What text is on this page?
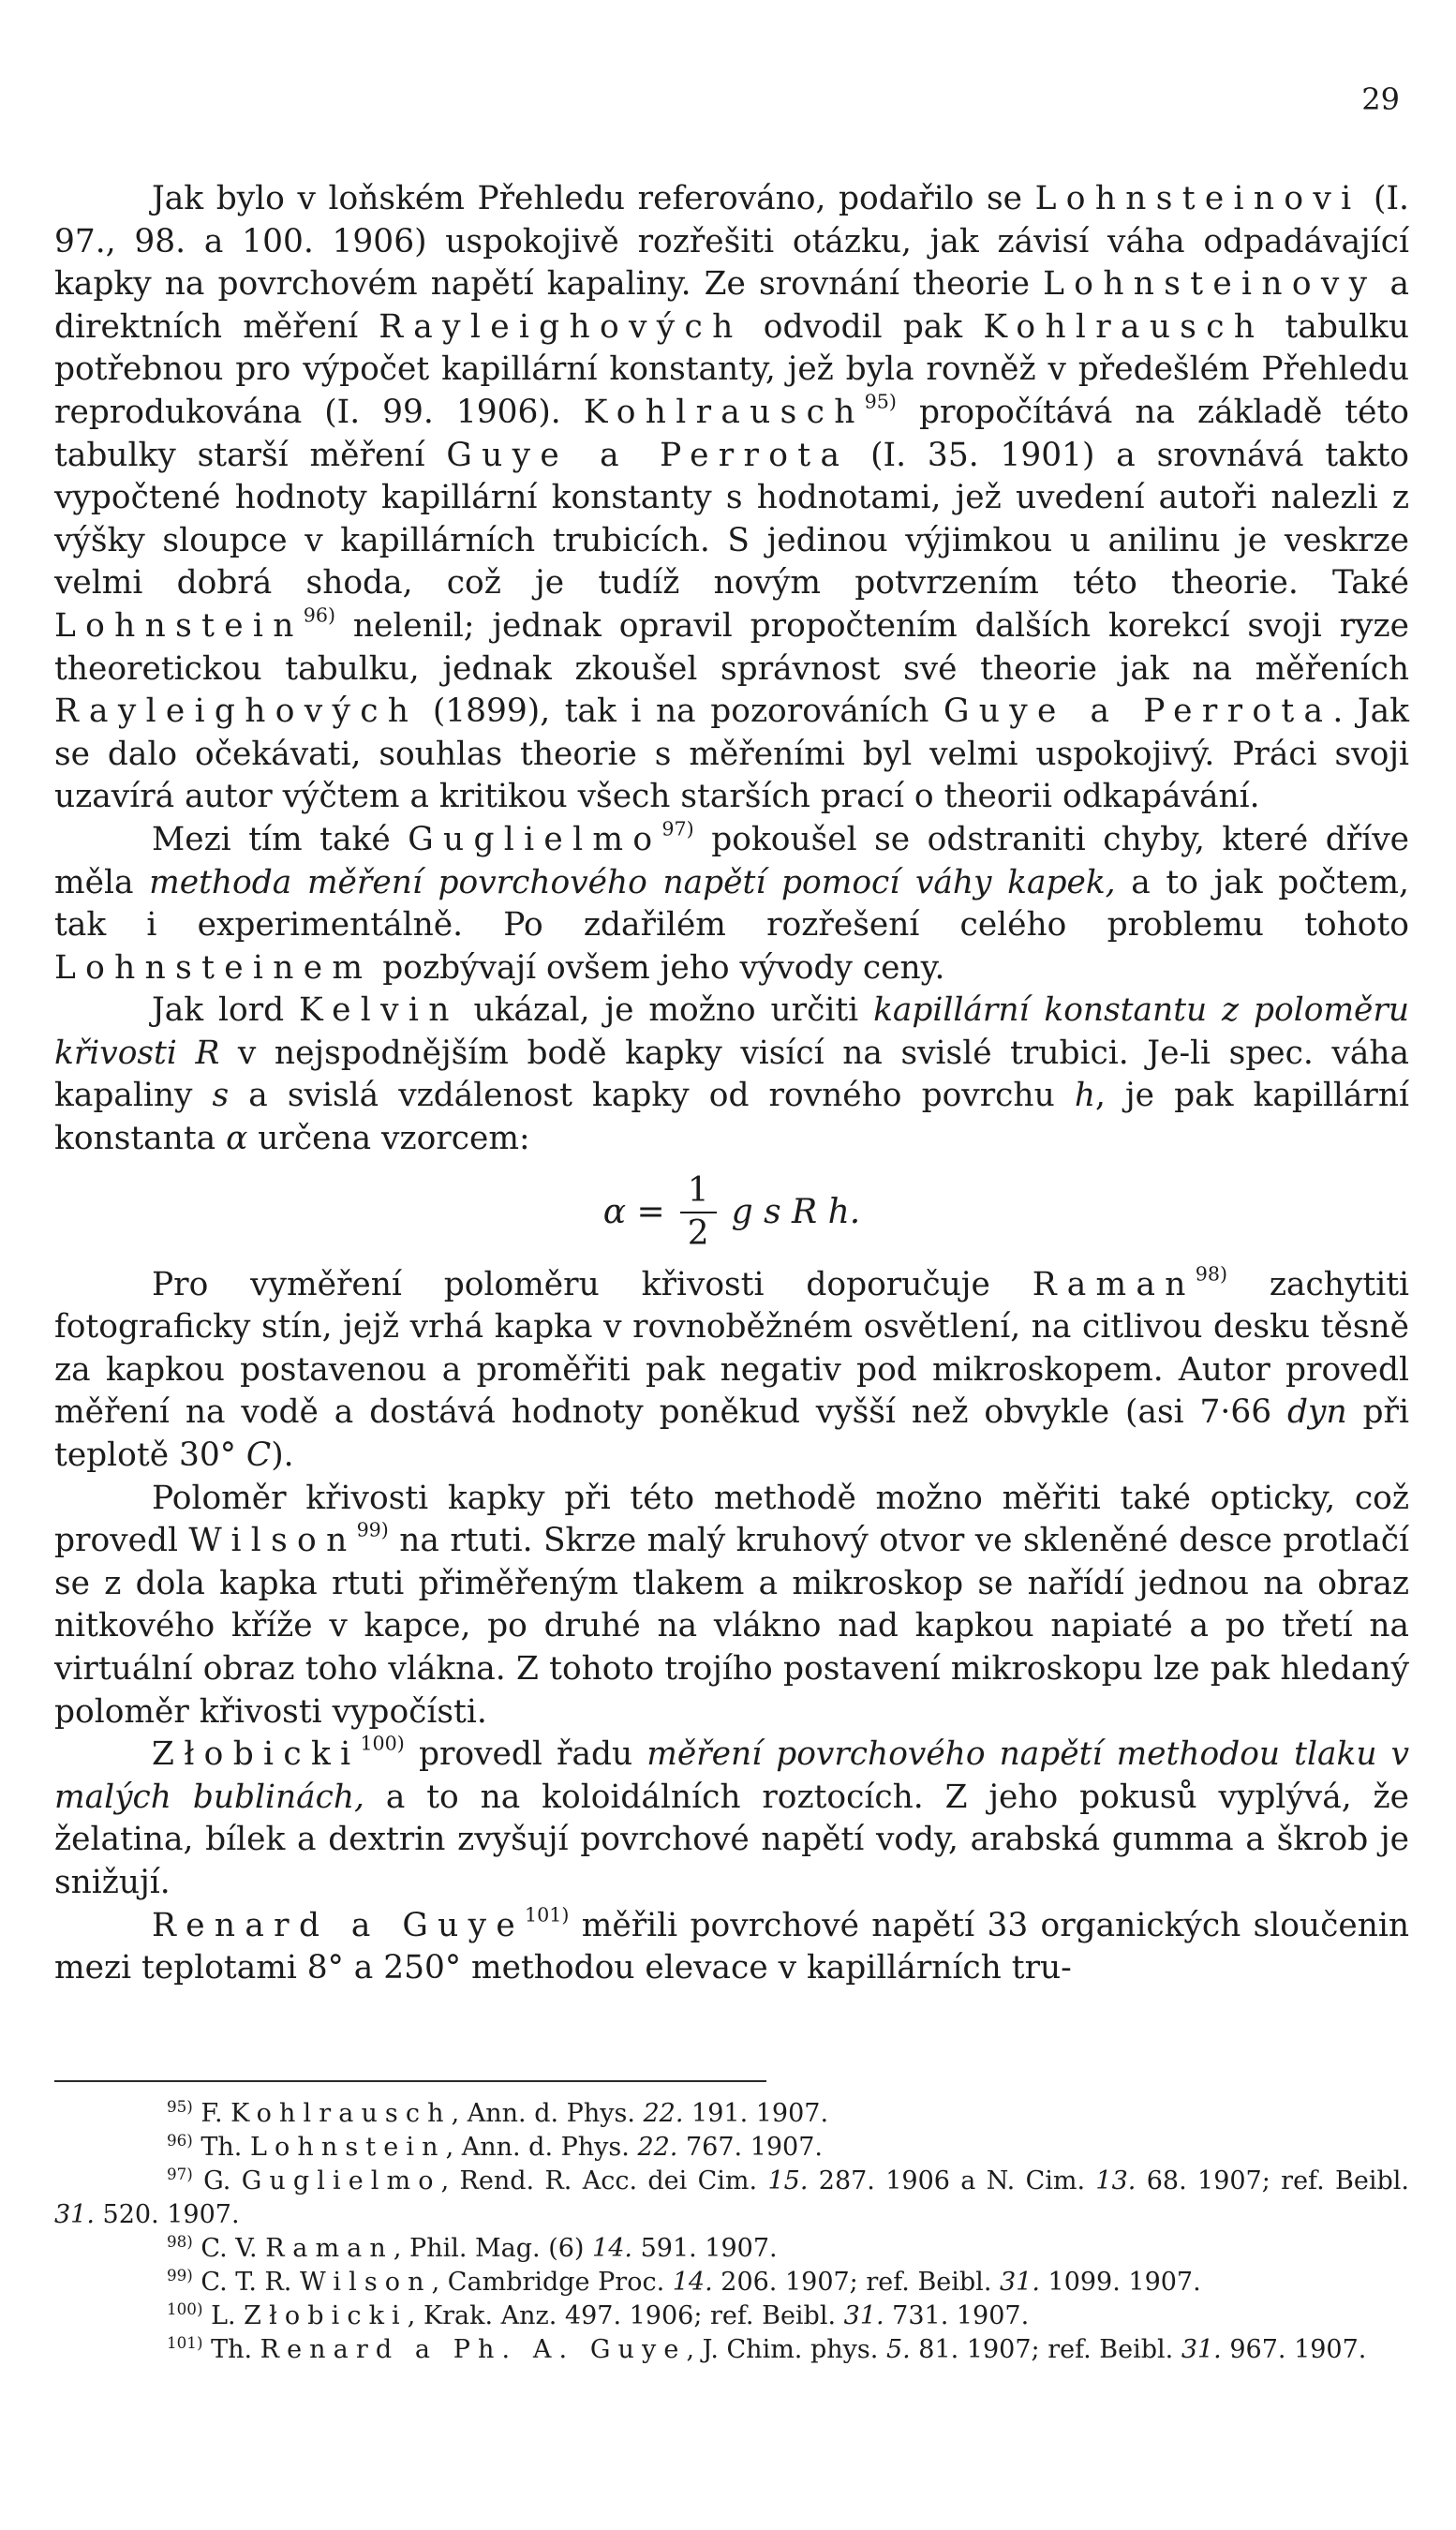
29

Jak bylo v loňském Přehledu referováno, podařilo se Lohnsteinovi (I. 97., 98. a 100. 1906) uspokojivě rozřešiti otázku, jak závisí váha odpadávající kapky na povrchovém napětí kapaliny. Ze srovnání theorie Lohnsteinovy a direktních měření Rayleighových odvodil pak Kohlrausch tabulku potřebnou pro výpočet kapillární konstanty, jež byla rovněž v předešlém Přehledu reprodukována (I. 99. 1906). Kohlrausch$^{95)}$ propočítává na základě této tabulky starší měření Guye a Perrota (I. 35. 1901) a srovnává takto vypočtené hodnoty kapillární konstanty s hodnotami, jež uvedení autoři nalezli z výšky sloupce v kapillárních trubicích. S jedinou výjimkou u anilinu je veskrze velmi dobrá shoda, což je tudíž novým potvrzením této theorie. Také Lohnstein$^{96)}$ nelenil; jednak opravil propočtením dalších korekcí svoji ryze theoretickou tabulku, jednak zkoušel správnost své theorie jak na měřeních Rayleighových (1899), tak i na pozorováních Guye a Perrota. Jak se dalo očekávati, souhlas theorie s měřeními byl velmi uspokojivý. Práci svoji uzavírá autor výčtem a kritikou všech starších prací o theorii odkapávání.

Mezi tím také Guglielmo$^{97)}$ pokoušel se odstraniti chyby, které dříve měla methoda měření povrchového napětí pomocí váhy kapek, a to jak počtem, tak i experimentálně. Po zdařilém rozřešení celého problemu tohoto Lohnsteinem pozbývají ovšem jeho vývody ceny.

Jak lord Kelvin ukázal, je možno určiti kapillární konstantu z poloměru křivosti R v nejspodnějším bodě kapky visící na svislé trubici. Je-li spec. váha kapaliny s a svislá vzdálenost kapky od rovného povrchu h, je pak kapillární konstanta α určena vzorcem:

$\alpha = \frac{1}{2}$ g s R h.

Pro vyměření poloměru křivosti doporučuje Raman$^{98)}$ zachytiti fotograficky stín, jejž vrhá kapka v rovnoběžném osvětlení, na citlivou desku těsně za kapkou postavenou a proměřiti pak negativ pod mikroskopem. Autor provedl měření na vodě a dostává hodnoty poněkud vyšší než obvykle (asi 7·66 dyn při teplotě 30° C).

Poloměr křivosti kapky při této methodě možno měřiti také opticky, což provedl Wilson$^{99)}$ na rtuti. Skrze malý kruhový otvor ve skleněné desce protlačí se z dola kapka rtuti přiměřeným tlakem a mikroskop se nařídí jednou na obraz nitkového kříže v kapce, po druhé na vlákno nad kapkou napiaté a po třetí na virtuální obraz toho vlákna. Z tohoto trojího postavení mikroskopu lze pak hledaný poloměr křivosti vypočísti.

Złobicki$^{100)}$ provedl řadu měření povrchového napětí methodou tlaku v malých bublinách, a to na koloidálních roztocích. Z jeho pokusů vyplývá, že želatina, bílek a dextrin zvyšují povrchové napětí vody, arabská gumma a škrob je snižují.

Renard a Guye$^{101)}$ měřili povrchové napětí 33 organických sloučenin mezi teplotami 8° a 250° methodou elevace v kapillárních tru-

$^{95)}$ F. Kohlrausch, Ann. d. Phys. 22. 191. 1907.

$^{96)}$ Th. Lohnstein, Ann. d. Phys. 22. 767. 1907.

$^{97)}$ G. Guglielmo, Rend. R. Acc. dei Cim. 15. 287. 1906 a N. Cim. 13. 68. 1907; ref. Beibl. 31. 520. 1907.

$^{98)}$ C. V. Raman, Phil. Mag. (6) 14. 591. 1907.

$^{99)}$ C. T. R. Wilson, Cambridge Proc. 14. 206. 1907; ref. Beibl. 31. 1099. 1907.

$^{100)}$ L. Złobicki, Krak. Anz. 497. 1906; ref. Beibl. 31. 731. 1907.

$^{101)}$ Th. Renard a Ph. A. Guye, J. Chim. phys. 5. 81. 1907; ref. Beibl. 31. 967. 1907.
